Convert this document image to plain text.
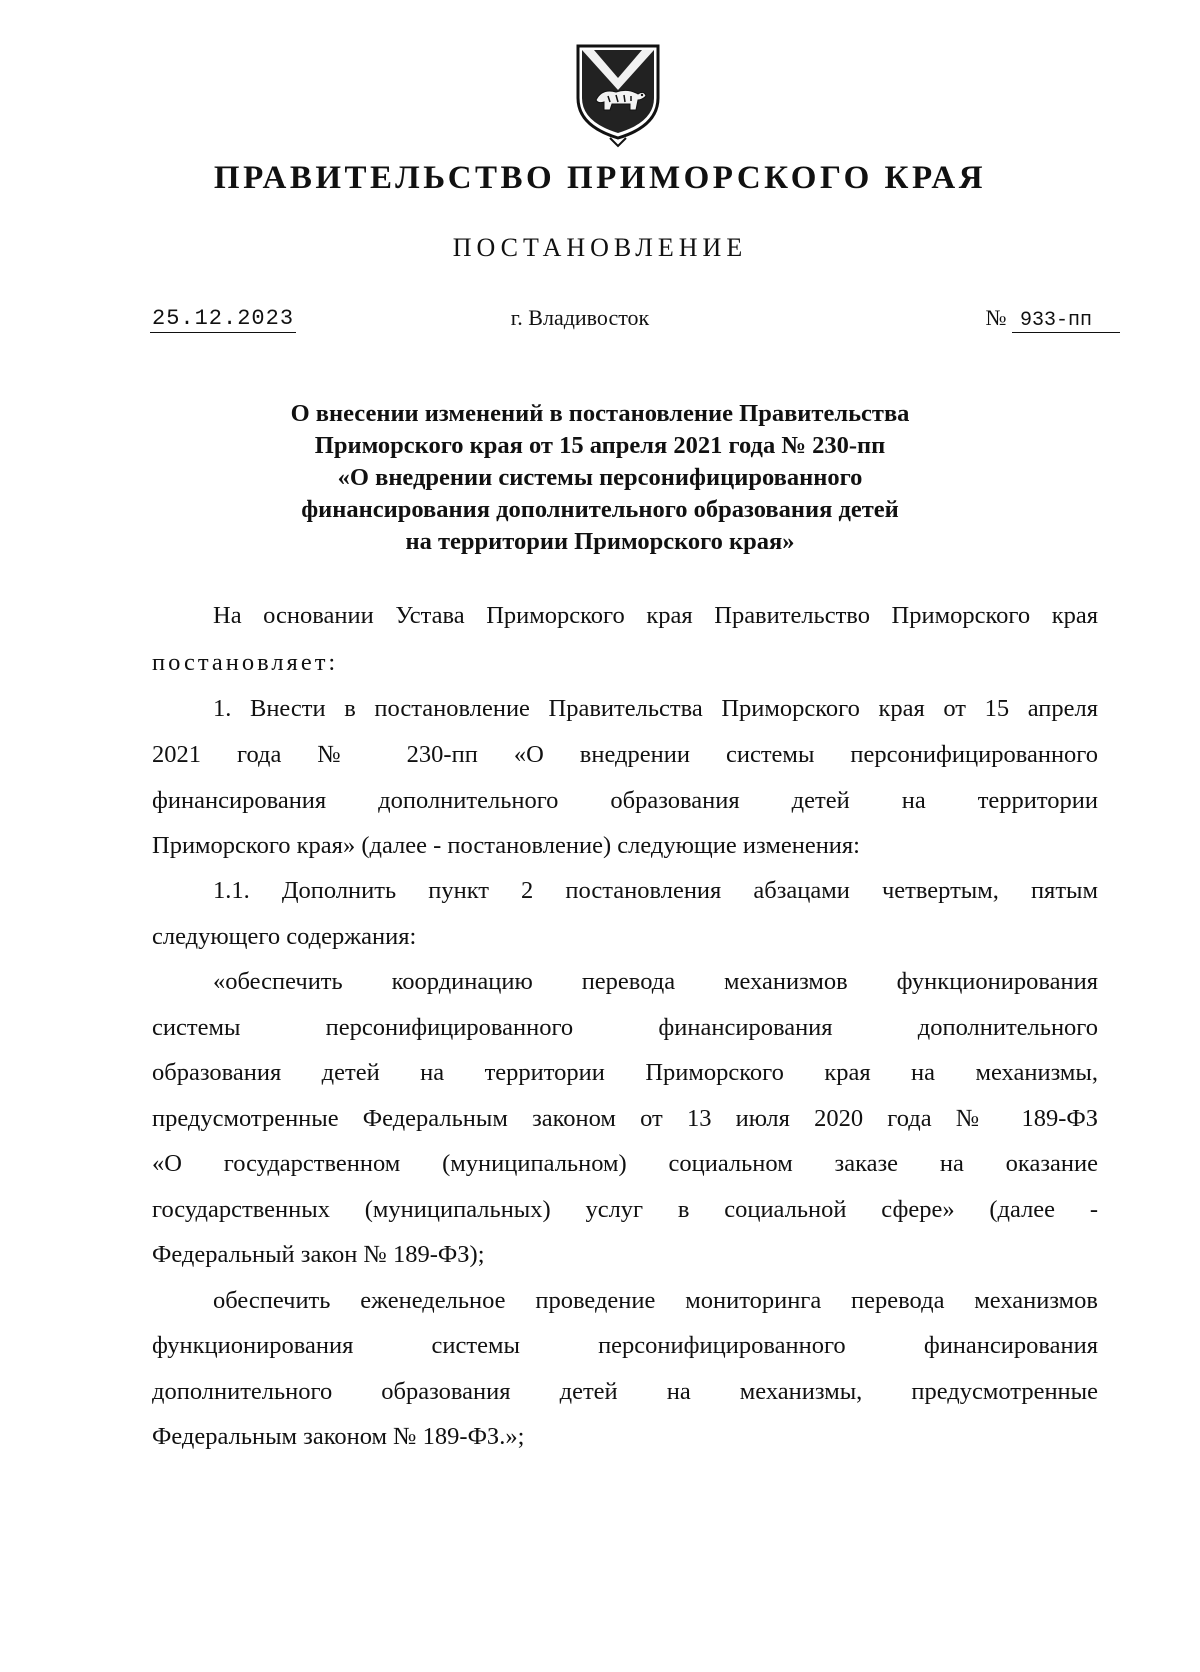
ПРАВИТЕЛЬСТВО ПРИМОРСКОГО КРАЯ
ПОСТАНОВЛЕНИЕ
25.12.2023	г. Владивосток	№ 933-пп
О внесении изменений в постановление Правительства
Приморского края от 15 апреля 2021 года № 230-пп
«О внедрении системы персонифицированного
финансирования дополнительного образования детей
на территории Приморского края»
На основании Устава Приморского края Правительство Приморского края
постановляет:
1. Внести в постановление Правительства Приморского края от 15 апреля
2021 года № 230-пп «О внедрении системы персонифицированного
финансирования дополнительного образования детей на территории
Приморского края» (далее - постановление) следующие изменения:
1.1. Дополнить пункт 2 постановления абзацами четвертым, пятым
следующего содержания:
«обеспечить координацию перевода механизмов функционирования
системы персонифицированного финансирования дополнительного
образования детей на территории Приморского края на механизмы,
предусмотренные Федеральным законом от 13 июля 2020 года № 189-ФЗ
«О государственном (муниципальном) социальном заказе на оказание
государственных (муниципальных) услуг в социальной сфере» (далее -
Федеральный закон № 189-ФЗ);
обеспечить еженедельное проведение мониторинга перевода механизмов
функционирования системы персонифицированного финансирования
дополнительного образования детей на механизмы, предусмотренные
Федеральным законом № 189-ФЗ.»;
